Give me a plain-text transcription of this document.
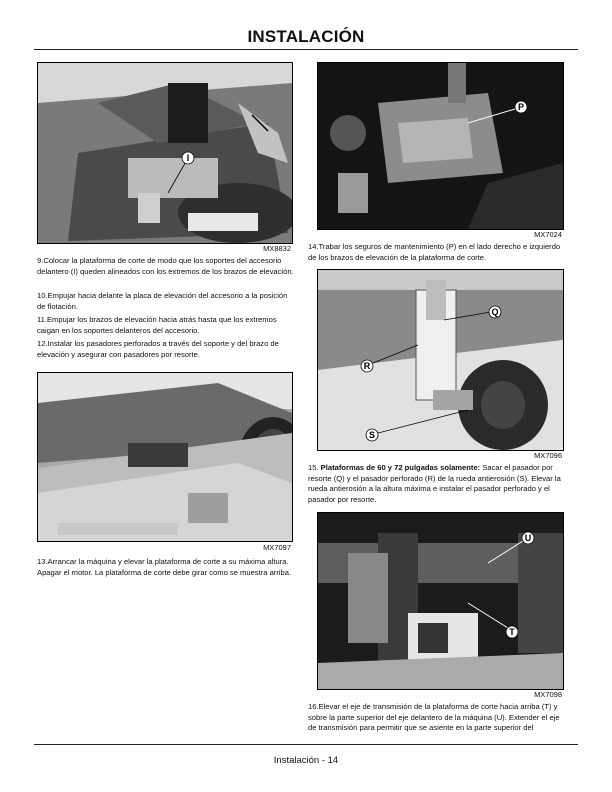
INSTALACIÓN
I
MX8832

9.Colocar la plataforma de corte de modo que los soportes del accesorio delantero (I) queden alineados con los extremos de los brazos de elevación.

10.Empujar hacia delante la placa de elevación del accesorio a la posición de flotación.

11.Empujar los brazos de elevación hacia atrás hasta que los extremos caigan en los soportes delanteros del accesorio.

12.Instalar los pasadores perforados a través del soporte y del brazo de elevación y asegurar con pasadores por resorte.

MX7097

13.Arrancar la máquina y elevar la plataforma de corte a su máxima altura. Apagar el motor. La plataforma de corte debe girar como se muestra arriba.

P
MX7024

14.Trabar los seguros de mantenimiento (P) en el lado derecho e izquierdo de los brazos de elevación de la plataforma de corte.

Q
R
S
MX7096

15. Plataformas de 60 y 72 pulgadas solamente: Sacar el pasador por resorte (Q) y el pasador perforado (R) de la rueda antierosión (S). Elevar la rueda antierosión a la altura máxima e instalar el pasador perforado y el pasador por resorte.

U
T
MX7098

16.Elevar el eje de transmisión de la plataforma de corte hacia arriba (T) y sobre la parte superior del eje delantero de la máquina (U). Extender el eje de transmisión para permitir que se asiente en la parte superior del

Instalación - 14
